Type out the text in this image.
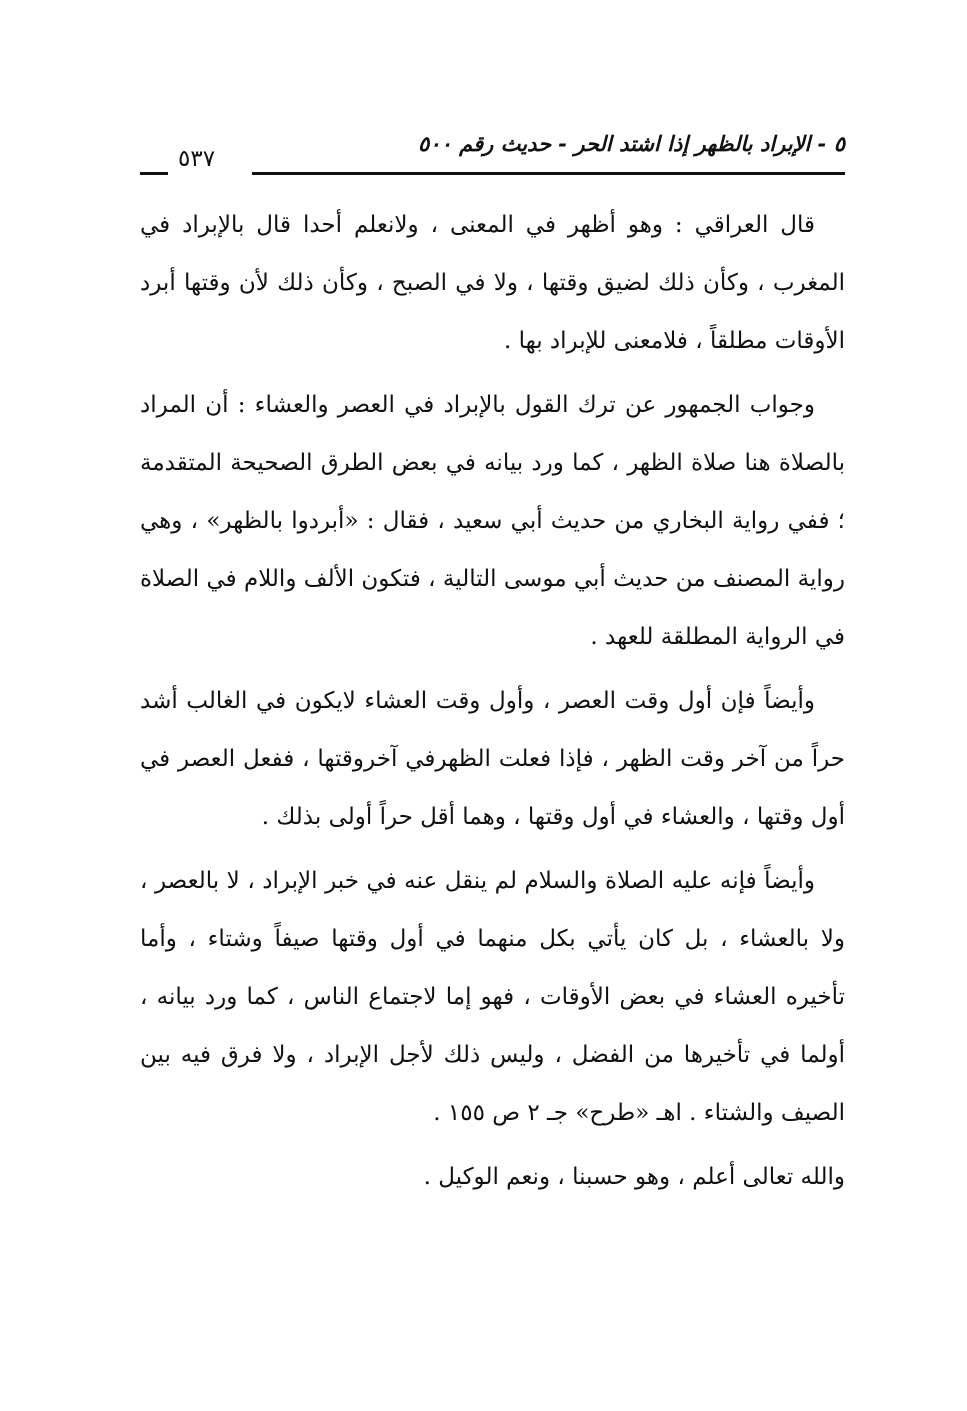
٥ - الإبراد بالظهر إذا اشتد الحر - حديث رقم ٥٠٠
٥٣٧

قال العراقي : وهو أظهر في المعنى ، ولانعلم أحدا قال بالإبراد في المغرب ، وكأن ذلك لضيق وقتها ، ولا في الصبح ، وكأن ذلك لأن وقتها أبرد الأوقات مطلقاً ، فلامعنى للإبراد بها .

وجواب الجمهور عن ترك القول بالإبراد في العصر والعشاء : أن المراد بالصلاة هنا صلاة الظهر ، كما ورد بيانه في بعض الطرق الصحيحة المتقدمة ؛ ففي رواية البخاري من حديث أبي سعيد ، فقال : «أبردوا بالظهر» ، وهي رواية المصنف من حديث أبي موسى التالية ، فتكون الألف واللام في الصلاة في الرواية المطلقة للعهد .

وأيضاً فإن أول وقت العصر ، وأول وقت العشاء لايكون في الغالب أشد حراً من آخر وقت الظهر ، فإذا فعلت الظهرفي آخروقتها ، ففعل العصر في أول وقتها ، والعشاء في أول وقتها ، وهما أقل حراً أولى بذلك .

وأيضاً فإنه عليه الصلاة والسلام لم ينقل عنه في خبر الإبراد ، لا بالعصر ، ولا بالعشاء ، بل كان يأتي بكل منهما في أول وقتها صيفاً وشتاء ، وأما تأخيره العشاء في بعض الأوقات ، فهو إما لاجتماع الناس ، كما ورد بيانه ، أولما في تأخيرها من الفضل ، وليس ذلك لأجل الإبراد ، ولا فرق فيه بين الصيف والشتاء . اهـ «طرح» جـ ٢ ص ١٥٥ .

والله تعالى أعلم ، وهو حسبنا ، ونعم الوكيل .
